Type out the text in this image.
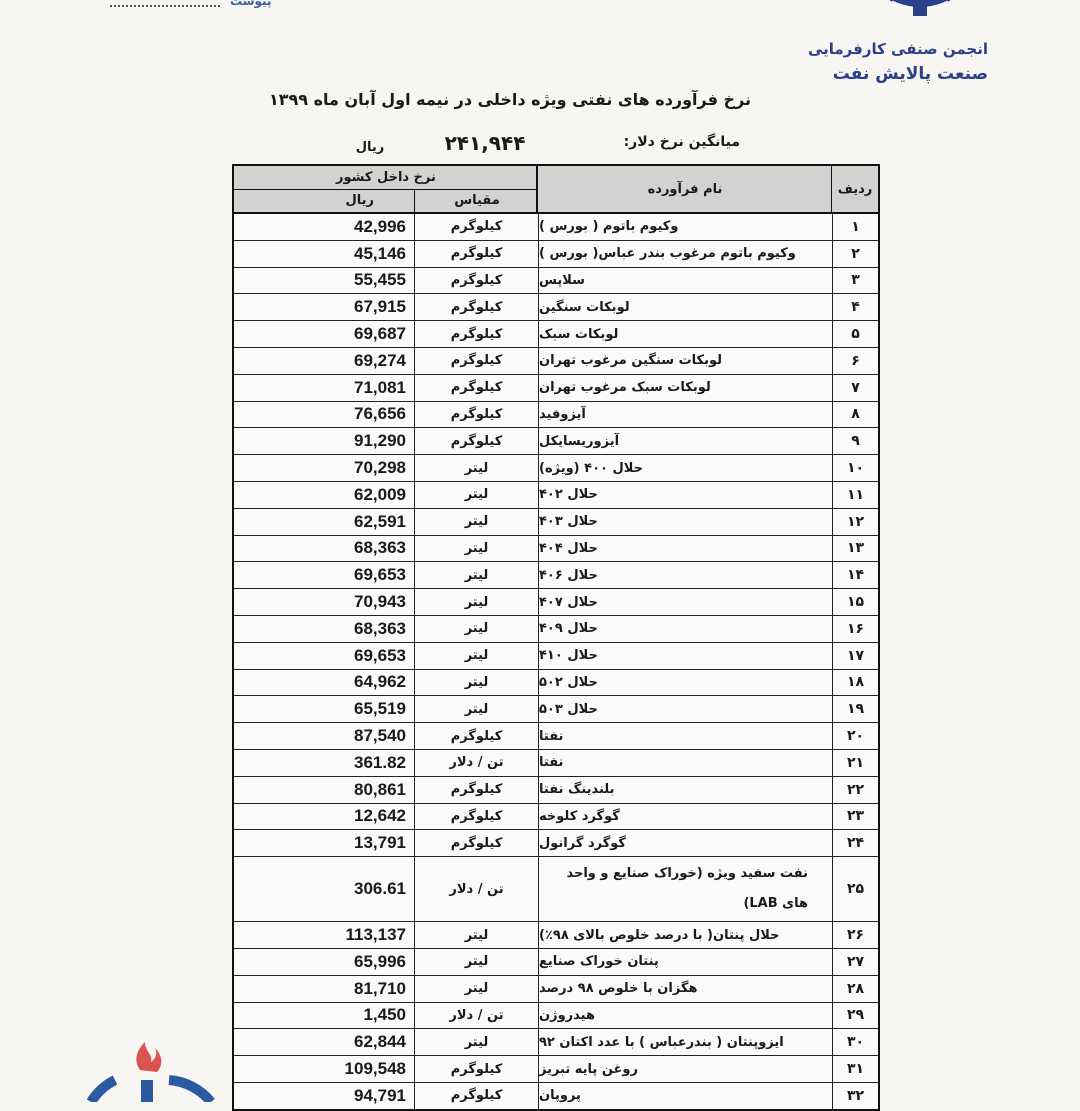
پیوست
انجمن صنفی کارفرمایی
صنعت پالایش نفت
نرخ فرآورده های نفتی ویژه داخلی در نیمه اول آبان ماه ۱۳۹۹
میانگین نرخ دلار:
۲۴۱,۹۴۴
ریال
ردیف
نام فرآورده
نرخ داخل کشور
مقیاس
ریال
۱
وکیوم باتوم ( بورس )
کیلوگرم
42,996
۲
وکیوم باتوم مرغوب بندر عباس( بورس )
کیلوگرم
45,146
۳
سلاپس
کیلوگرم
55,455
۴
لوبکات سنگین
کیلوگرم
67,915
۵
لوبکات سبک
کیلوگرم
69,687
۶
لوبکات سنگین مرغوب تهران
کیلوگرم
69,274
۷
لوبکات سبک مرغوب تهران
کیلوگرم
71,081
۸
آیزوفید
کیلوگرم
76,656
۹
آیزوریسایکل
کیلوگرم
91,290
۱۰
حلال ۴۰۰ (ویژه)
لیتر
70,298
۱۱
حلال ۴۰۲
لیتر
62,009
۱۲
حلال ۴۰۳
لیتر
62,591
۱۳
حلال ۴۰۴
لیتر
68,363
۱۴
حلال ۴۰۶
لیتر
69,653
۱۵
حلال ۴۰۷
لیتر
70,943
۱۶
حلال ۴۰۹
لیتر
68,363
۱۷
حلال ۴۱۰
لیتر
69,653
۱۸
حلال ۵۰۲
لیتر
64,962
۱۹
حلال ۵۰۳
لیتر
65,519
۲۰
نفتا
کیلوگرم
87,540
۲۱
نفتا
تن / دلار
361.82
۲۲
بلندینگ نفتا
کیلوگرم
80,861
۲۳
گوگرد کلوخه
کیلوگرم
12,642
۲۴
گوگرد گرانول
کیلوگرم
13,791
۲۵
نفت سفید ویژه (خوراک صنایع و واحد های LAB)
تن / دلار
306.61
۲۶
حلال پنتان( با درصد خلوص بالای ۹۸٪)
لیتر
113,137
۲۷
پنتان خوراک صنایع
لیتر
65,996
۲۸
هگزان با خلوص ۹۸ درصد
لیتر
81,710
۲۹
هیدروژن
تن / دلار
1,450
۳۰
ایزوپنتان ( بندرعباس ) با عدد اکتان ۹۲
لیتر
62,844
۳۱
روغن پایه تبریز
کیلوگرم
109,548
۳۲
پروپان
کیلوگرم
94,791
